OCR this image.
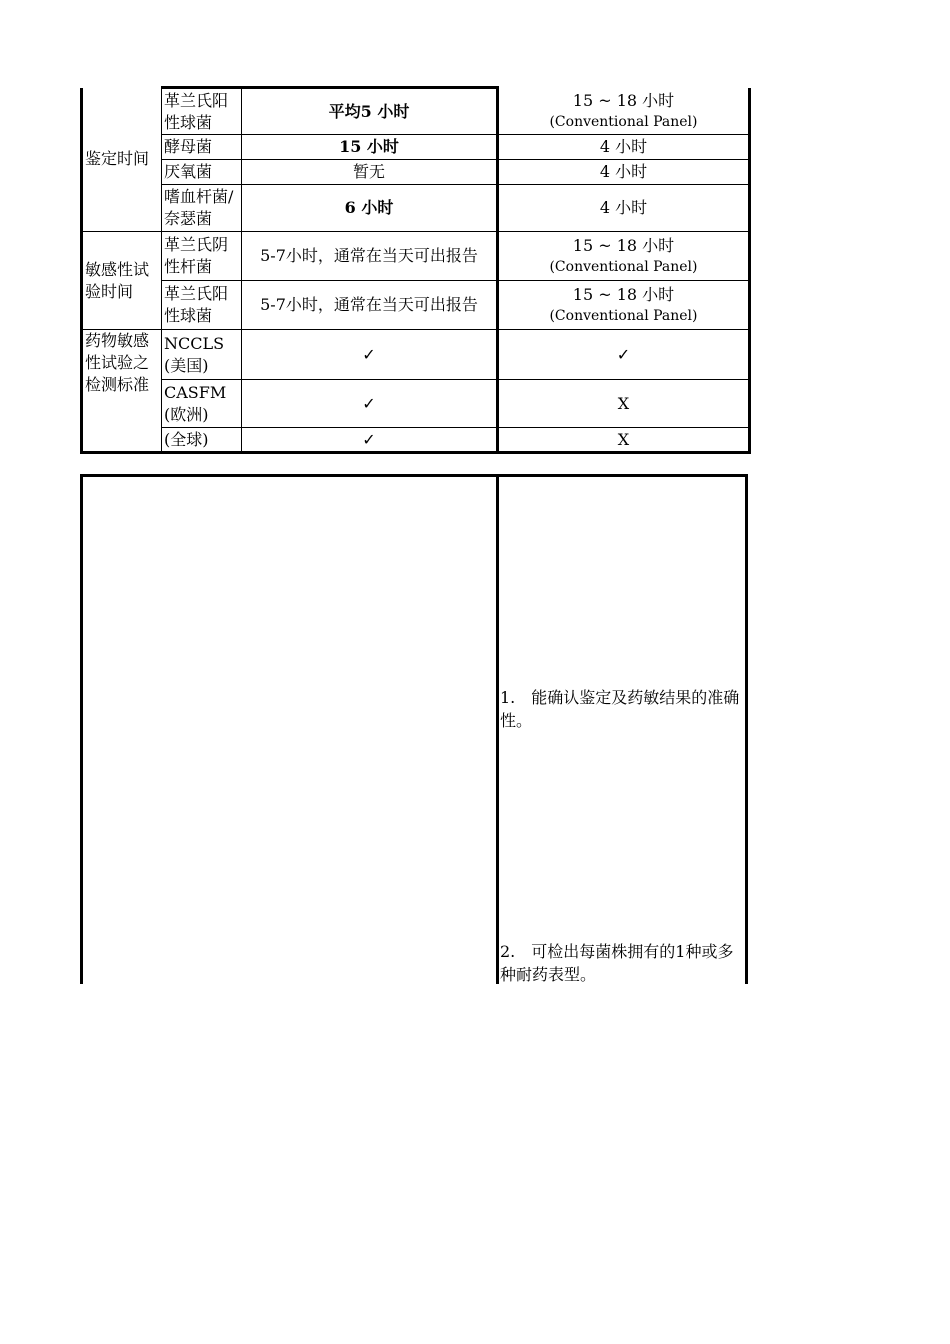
鉴定时间	革兰氏阳性球菌	平均5 小时	15 ~ 18 小时
(Conventional Panel)

	酵母菌	15 小时	4 小时
	厌氧菌	暂无	4 小时
	嗜血杆菌/奈瑟菌	6 小时	4 小时
敏感性试验时间	革兰氏阴性杆菌	5-7小时，通常在当天可出报告	15 ~ 18 小时
(Conventional Panel)

	革兰氏阳性球菌	5-7小时，通常在当天可出报告	15 ~ 18 小时
(Conventional Panel)

药物敏感性试验之检测标准	NCCLS (美国)	✓	✓
	CASFM (欧洲)	✓	X
	(全球)	✓	X
1.　能确认鉴定及药敏结果的准确性。
2.　可检出每菌株拥有的1种或多种耐药表型。
